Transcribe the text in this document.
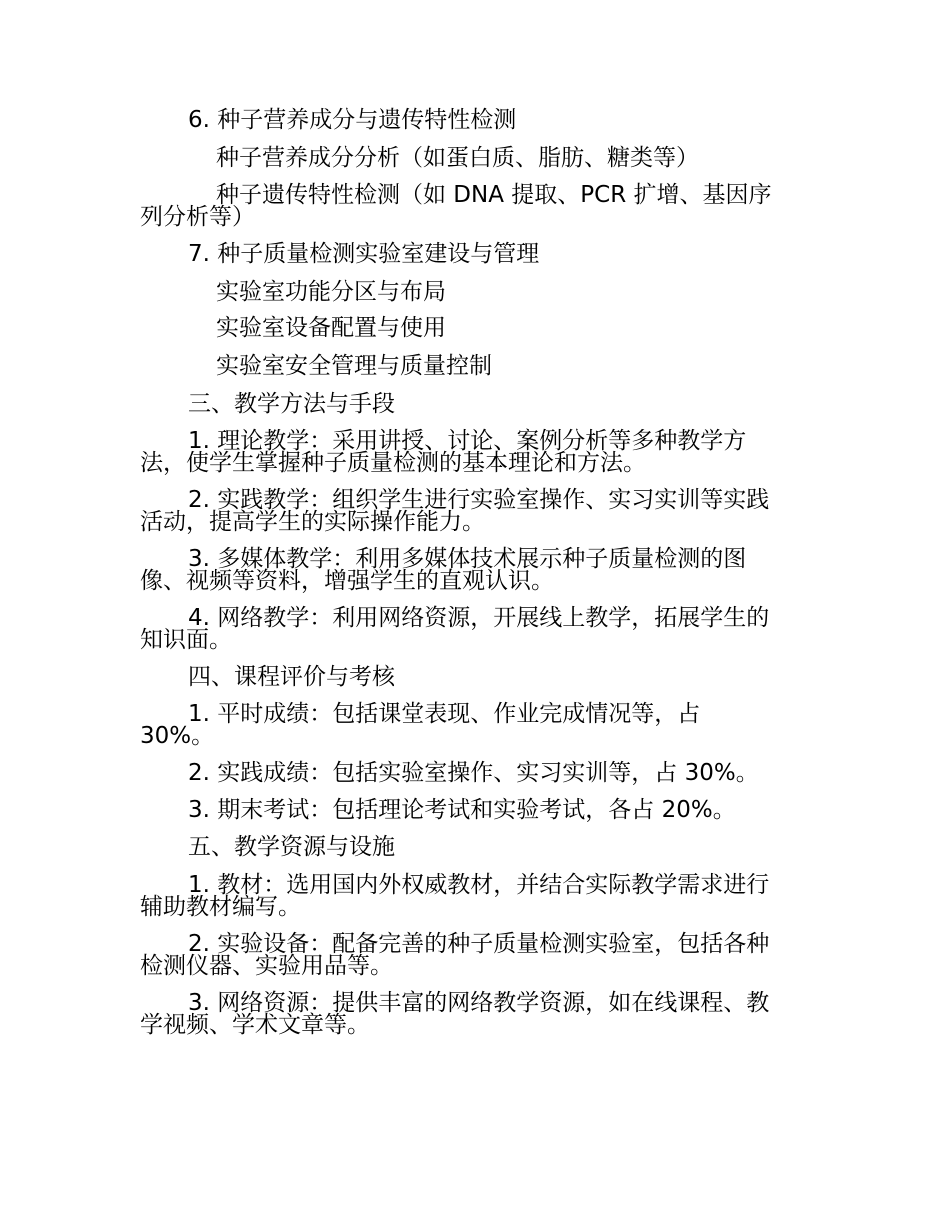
6. 种子营养成分与遗传特性检测

种子营养成分分析（如蛋白质、脂肪、糖类等）

种子遗传特性检测（如 DNA 提取、PCR 扩增、基因序

列分析等）

7. 种子质量检测实验室建设与管理

实验室功能分区与布局

实验室设备配置与使用

实验室安全管理与质量控制

三、教学方法与手段

1. 理论教学：采用讲授、讨论、案例分析等多种教学方

法，使学生掌握种子质量检测的基本理论和方法。

2. 实践教学：组织学生进行实验室操作、实习实训等实践

活动，提高学生的实际操作能力。

3. 多媒体教学：利用多媒体技术展示种子质量检测的图

像、视频等资料，增强学生的直观认识。

4. 网络教学：利用网络资源，开展线上教学，拓展学生的

知识面。

四、课程评价与考核

1. 平时成绩：包括课堂表现、作业完成情况等，占

30%。

2. 实践成绩：包括实验室操作、实习实训等，占 30%。

3. 期末考试：包括理论考试和实验考试，各占 20%。

五、教学资源与设施

1. 教材：选用国内外权威教材，并结合实际教学需求进行

辅助教材编写。

2. 实验设备：配备完善的种子质量检测实验室，包括各种

检测仪器、实验用品等。

3. 网络资源：提供丰富的网络教学资源，如在线课程、教

学视频、学术文章等。
